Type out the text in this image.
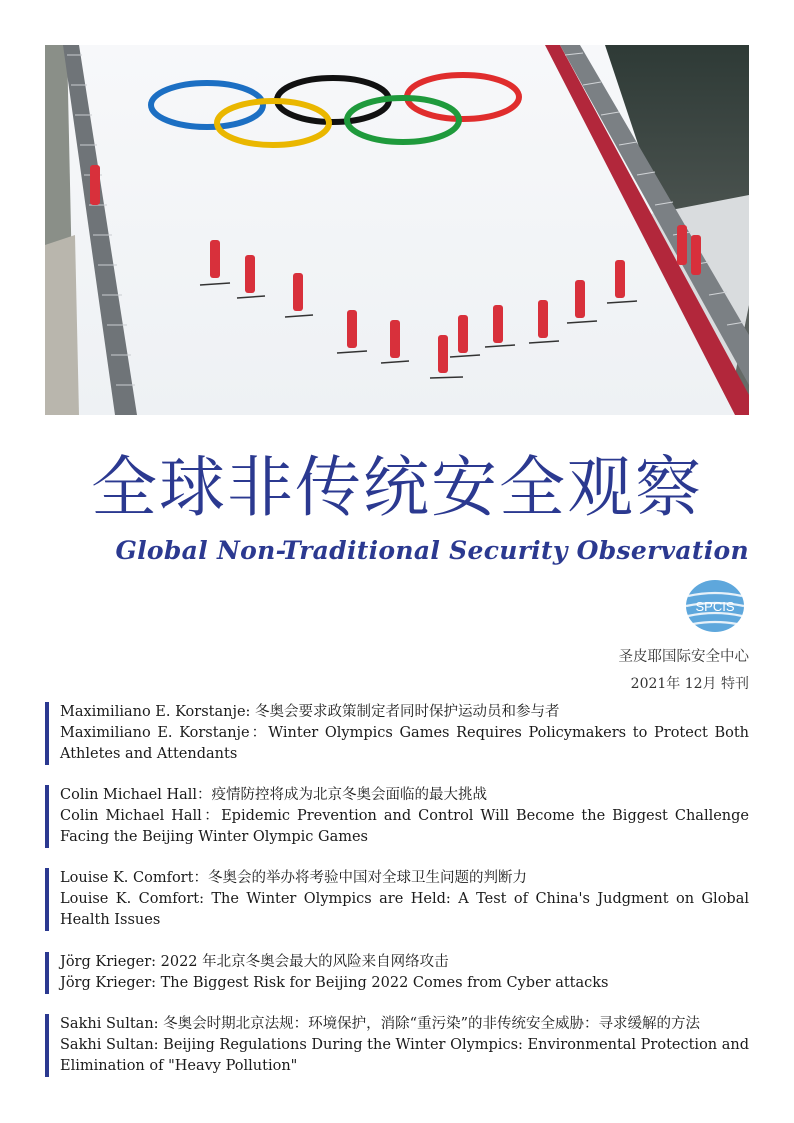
全球非传统安全观察
Global Non-Traditional Security Observation
SPCIS
圣皮耶国际安全中心
2021年 12月 特刊
Maximiliano E. Korstanje: 冬奥会要求政策制定者同时保护运动员和参与者
Maximiliano E. Korstanje：Winter Olympics Games Requires Policymakers to Protect Both Athletes and Attendants
Colin Michael Hall：疫情防控将成为北京冬奥会面临的最大挑战
Colin Michael Hall：Epidemic Prevention and Control Will Become the Biggest Challenge Facing the Beijing Winter Olympic Games
Louise K. Comfort：冬奥会的举办将考验中国对全球卫生问题的判断力
Louise K. Comfort: The Winter Olympics are Held: A Test of China's Judgment on Global Health Issues
Jӧrg Krieger: 2022 年北京冬奥会最大的风险来自网络攻击
Jӧrg Krieger: The Biggest Risk for Beijing 2022 Comes from Cyber attacks
Sakhi Sultan: 冬奥会时期北京法规：环境保护，消除“重污染”的非传统安全威胁：寻求缓解的方法
Sakhi Sultan: Beijing Regulations During the Winter Olympics: Environmental Protection and Elimination of "Heavy Pollution"
